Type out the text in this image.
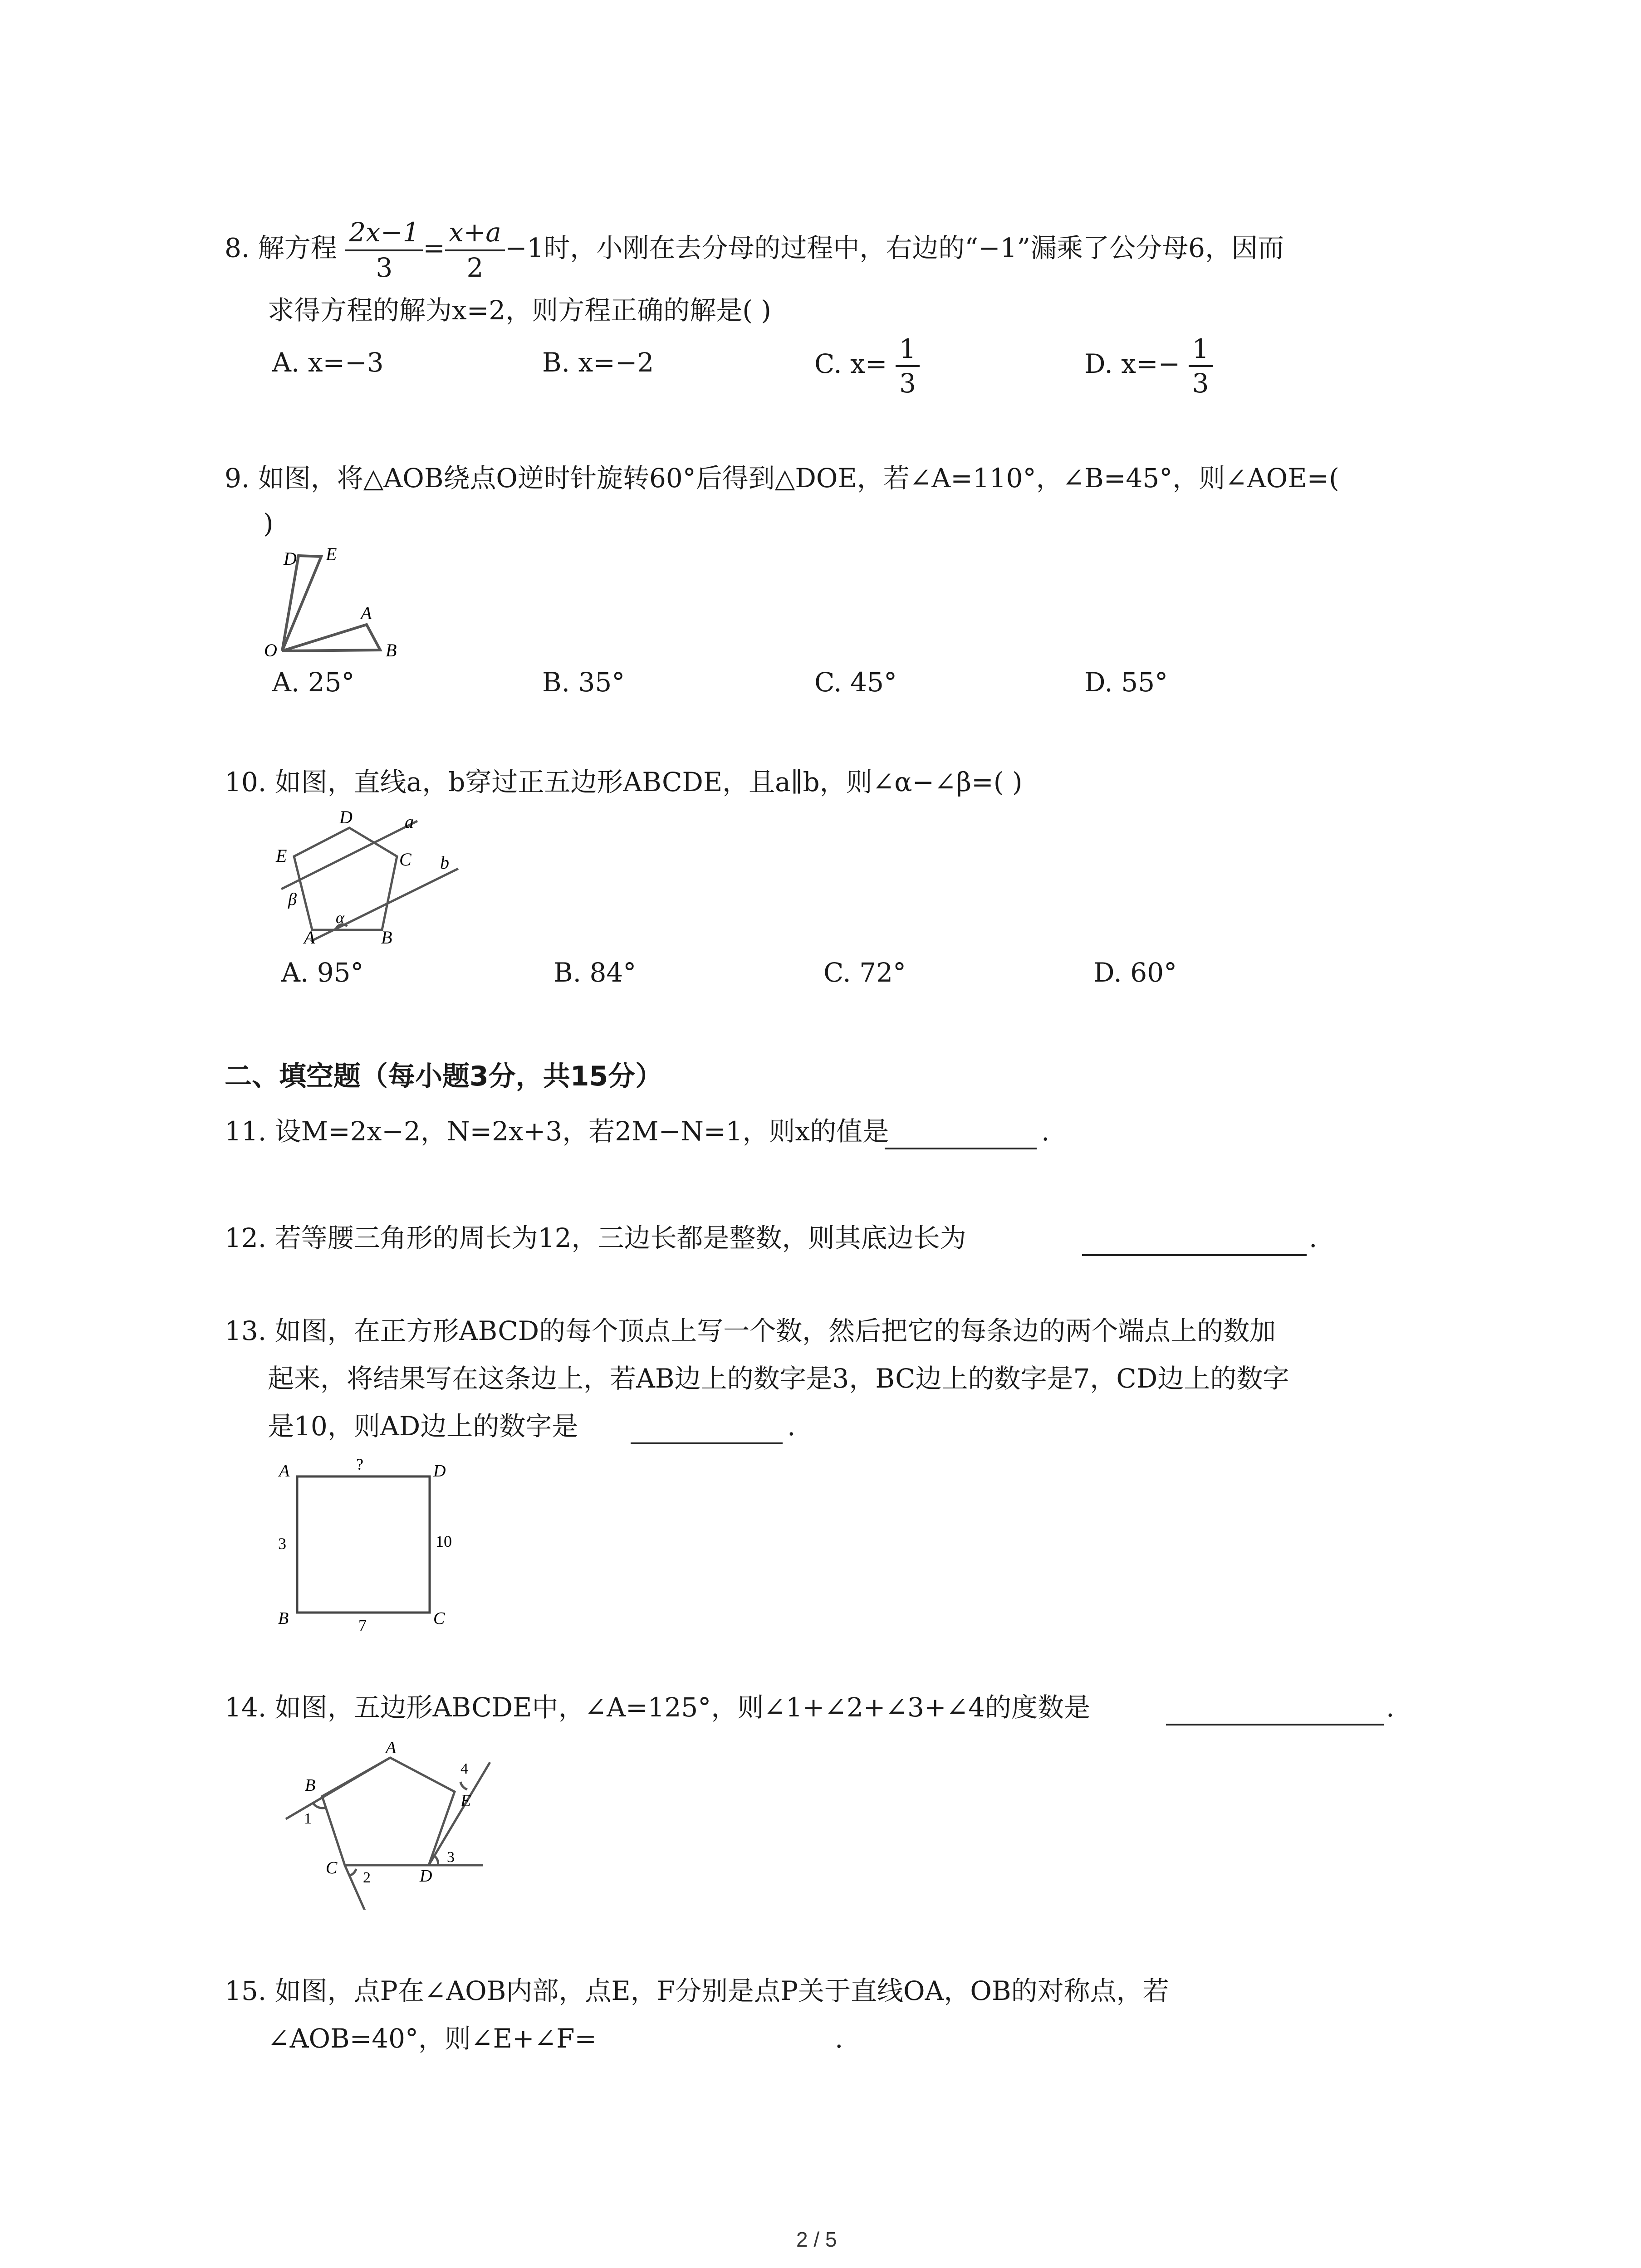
8. 解方程 $\frac{2x-1}{3} = \frac{x+a}{2} -1$时，小刚在去分母的过程中，右边的“−1”漏乘了公分母6，因而
求得方程的解为x=2，则方程正确的解是( )
A. x=−3	B. x=−2	C. $x= \frac{1}{3}$	D. $x=- \frac{1}{3}$
9. 如图，将△AOB绕点O逆时针旋转60°后得到△DOE，若∠A=110°，∠B=45°，则∠AOE=(
)
D E
A
O	B
A. 25°	B. 35°	C. 45°	D. 55°
10. 如图，直线a，b穿过正五边形ABCDE，且a∥b，则∠α−∠β=( )
D	a
E	C b
β
α
A	B
A. 95°	B. 84°	C. 72°	D. 60°
二、填空题（每小题3分，共15分）
11. 设M=2x−2，N=2x+3，若2M−N=1，则x的值是	.
12. 若等腰三角形的周长为12，三边长都是整数，则其底边长为	.
13. 如图，在正方形ABCD的每个顶点上写一个数，然后把它的每条边的两个端点上的数加
起来，将结果写在这条边上，若AB边上的数字是3，BC边上的数字是7，CD边上的数字
是10，则AD边上的数字是	.
A	D
B	C
?
3	10
7
14. 如图，五边形ABCDE中，∠A=125°，则∠1+∠2+∠3+∠4的度数是	.
A
B
E
C	D
1
2
3
4
15. 如图，点P在∠AOB内部，点E，F分别是点P关于直线OA，OB的对称点，若
∠AOB=40°，则∠E+∠F=	.
2 / 5
